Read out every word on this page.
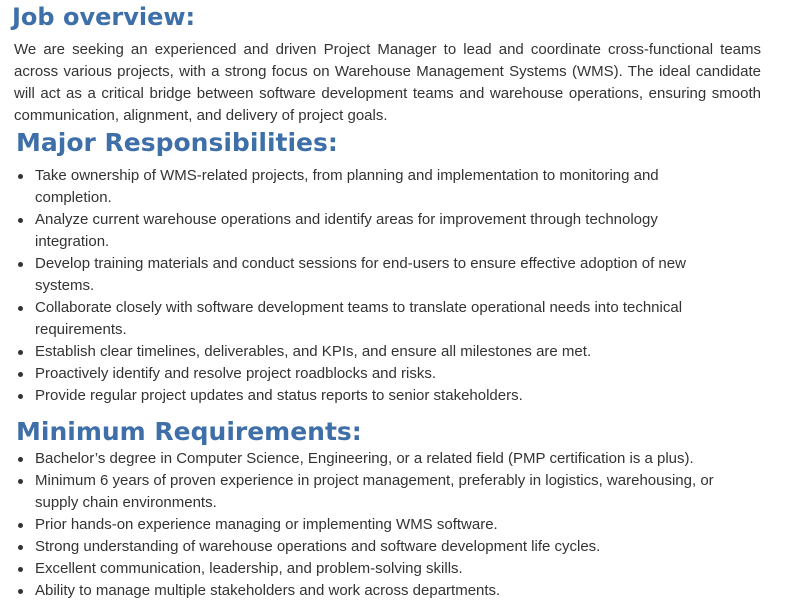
Job overview:

We are seeking an experienced and driven Project Manager to lead and coordinate cross-functional teams across various projects, with a strong focus on Warehouse Management Systems (WMS). The ideal candidate will act as a critical bridge between software development teams and warehouse operations, ensuring smooth communication, alignment, and delivery of project goals.

Major Responsibilities:
Take ownership of WMS-related projects, from planning and implementation to monitoring and completion.
Analyze current warehouse operations and identify areas for improvement through technology integration.
Develop training materials and conduct sessions for end-users to ensure effective adoption of new systems.
Collaborate closely with software development teams to translate operational needs into technical requirements.
Establish clear timelines, deliverables, and KPIs, and ensure all milestones are met.
Proactively identify and resolve project roadblocks and risks.
Provide regular project updates and status reports to senior stakeholders.
Minimum Requirements:
Bachelor’s degree in Computer Science, Engineering, or a related field (PMP certification is a plus).
Minimum 6 years of proven experience in project management, preferably in logistics, warehousing, or supply chain environments.
Prior hands-on experience managing or implementing WMS software.
Strong understanding of warehouse operations and software development life cycles.
Excellent communication, leadership, and problem-solving skills.
Ability to manage multiple stakeholders and work across departments.
